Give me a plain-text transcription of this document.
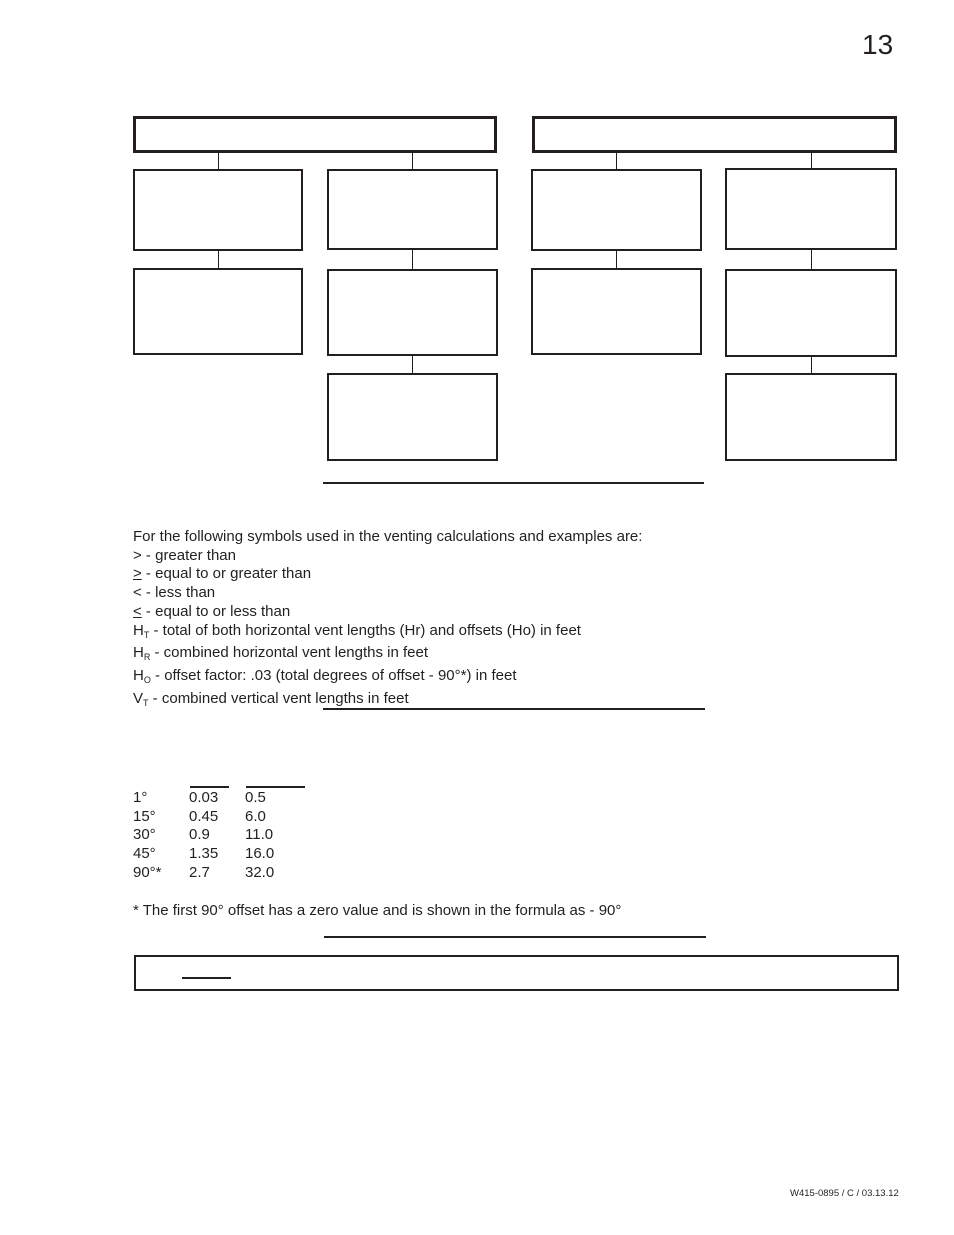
13
For the following symbols used in the venting calculations and examples are:
> - greater than
> - equal to or greater than
< - less than
< - equal to or less than
$H_T$ - total of both horizontal vent lengths (Hr) and offsets (Ho) in feet
$H_R$ - combined horizontal vent lengths in feet
$H_O$ - offset factor: .03 (total degrees of offset - 90°*) in feet
$V_T$ - combined vertical vent lengths in feet
1°	0.03	0.5
15°	0.45	6.0
30°	0.9	11.0
45°	1.35	16.0
90°*	2.7	32.0
* The first 90° offset has a zero value and is shown in the formula as - 90°
W415-0895 / C / 03.13.12
